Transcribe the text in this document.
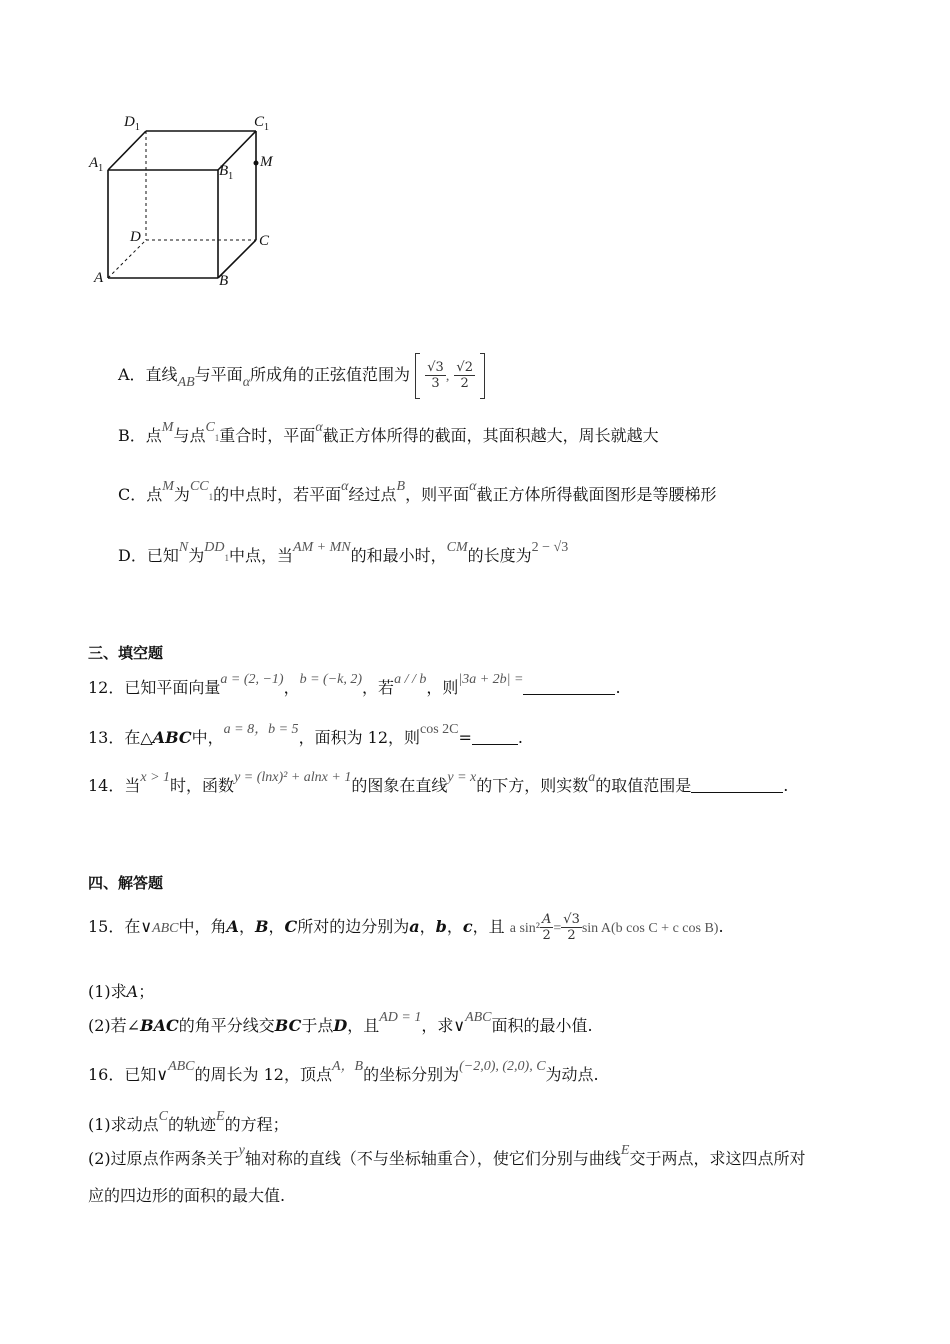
$D_1$	$C_1$
$A_1$	$B_1$
M
D	C
A	B
A．直线AB与平面α所成角的正弦值范围为 $\frac{√3}{3}$ , $\frac{√2}{2}$

B．点M与点$C_1$重合时，平面α截正方体所得的截面，其面积越大，周长就越大
C．点M为$CC_1$的中点时，若平面α经过点B，则平面α截正方体所得截面图形是等腰梯形
D．已知N为$DD_1$中点，当AM + MN的和最小时，CM的长度为2 − √3
三、填空题
12．已知平面向量a = (2, −1)，b = (−k, 2)，若a / / b，则|3a + 2b| =	.
13．在△ABC中，a = 8，b = 5，面积为 12，则cos 2C=	.
14．当x > 1时，函数y = (lnx)² + alnx + 1的图象在直线y = x的下方，则实数a的取值范围是	.
四、解答题
15．在∨ABC中，角A，B，C所对的边分别为a，b，c，且 a $\sin^2 \frac{A}{2} = \frac{√3}{2}$ sin A(b cos C + c cos B).
(1)求A；
(2)若∠BAC的角平分线交BC于点D，且AD = 1，求∨ABC面积的最小值.
16．已知∨ABC的周长为 12，顶点A，B的坐标分别为(−2,0), (2,0), C为动点.
(1)求动点C的轨迹E的方程；
(2)过原点作两条关于y轴对称的直线（不与坐标轴重合），使它们分别与曲线E交于两点，求这四点所对
应的四边形的面积的最大值.
